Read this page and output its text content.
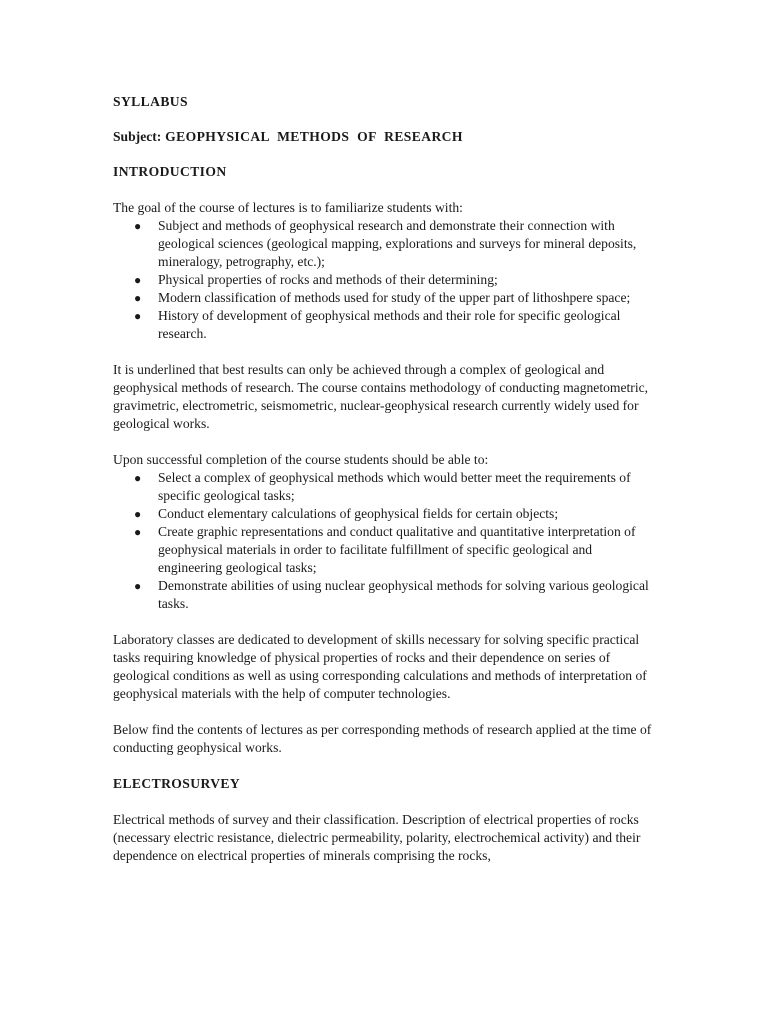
SYLLABUS

Subject: GEOPHYSICAL METHODS OF RESEARCH

INTRODUCTION

The goal of the course of lectures is to familiarize students with:

● Subject and methods of geophysical research and demonstrate their connection with geological sciences (geological mapping, explorations and surveys for mineral deposits, mineralogy, petrography, etc.);
● Physical properties of rocks and methods of their determining;
● Modern classification of methods used for study of the upper part of lithoshpere space;
● History of development of geophysical methods and their role for specific geological research.

It is underlined that best results can only be achieved through a complex of geological and geophysical methods of research. The course contains methodology of conducting magnetometric, gravimetric, electrometric, seismometric, nuclear-geophysical research currently widely used for geological works.

Upon successful completion of the course students should be able to:

● Select a complex of geophysical methods which would better meet the requirements of specific geological tasks;
● Conduct elementary calculations of geophysical fields for certain objects;
● Create graphic representations and conduct qualitative and quantitative interpretation of geophysical materials in order to facilitate fulfillment of specific geological and engineering geological tasks;
● Demonstrate abilities of using nuclear geophysical methods for solving various geological tasks.

Laboratory classes are dedicated to development of skills necessary for solving specific practical tasks requiring knowledge of physical properties of rocks and their dependence on series of geological conditions as well as using corresponding calculations and methods of interpretation of geophysical materials with the help of computer technologies.

Below find the contents of lectures as per corresponding methods of research applied at the time of conducting geophysical works.

ELECTROSURVEY

Electrical methods of survey and their classification. Description of electrical properties of rocks (necessary electric resistance, dielectric permeability, polarity, electrochemical activity) and their dependence on electrical properties of minerals comprising the rocks,
